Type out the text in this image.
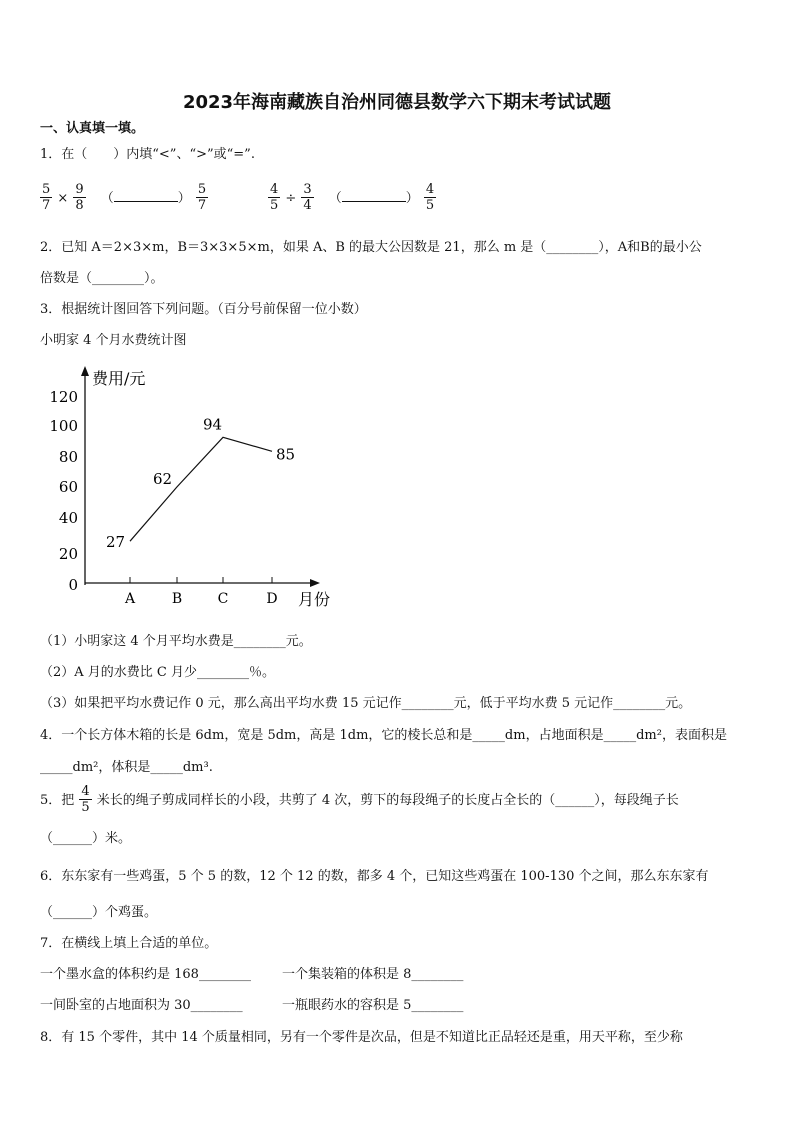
2023年海南藏族自治州同德县数学六下期末考试试题
一、认真填一填。
1．在（　　）内填“<”、“>”或“=”.
$\frac{5}{7} \times \frac{9}{8}$ （	） $\frac{5}{7}$	$\frac{4}{5} \div \frac{3}{4}$ （	） $\frac{4}{5}$
2．已知 A＝2×3×m，B＝3×3×5×m，如果 A、B 的最大公因数是 21，那么 m 是（________），A和B的最小公
倍数是（________）。
3．根据统计图回答下列问题。（百分号前保留一位小数）
小明家 4 个月水费统计图
费用/元
月份
0
20
40
60
80
100
120
A	B	C	D
27
62
94
85
（1）小明家这 4 个月平均水费是________元。
（2）A 月的水费比 C 月少________％。
（3）如果把平均水费记作 0 元，那么高出平均水费 15 元记作________元，低于平均水费 5 元记作________元。
4．一个长方体木箱的长是 6dm，宽是 5dm，高是 1dm，它的棱长总和是_____dm，占地面积是_____dm²，表面积是
_____dm²，体积是_____dm³.
5．把 $\frac{4}{5}$ 米长的绳子剪成同样长的小段，共剪了 4 次，剪下的每段绳子的长度占全长的（______），每段绳子长
（______）米。
6．东东家有一些鸡蛋，5 个 5 的数，12 个 12 的数，都多 4 个，已知这些鸡蛋在 100-130 个之间，那么东东家有
（______）个鸡蛋。
7．在横线上填上合适的单位。
一个墨水盒的体积约是 168________ 一个集装箱的体积是 8________
一间卧室的占地面积为 30________	一瓶眼药水的容积是 5________
8．有 15 个零件，其中 14 个质量相同，另有一个零件是次品，但是不知道比正品轻还是重，用天平称，至少称
